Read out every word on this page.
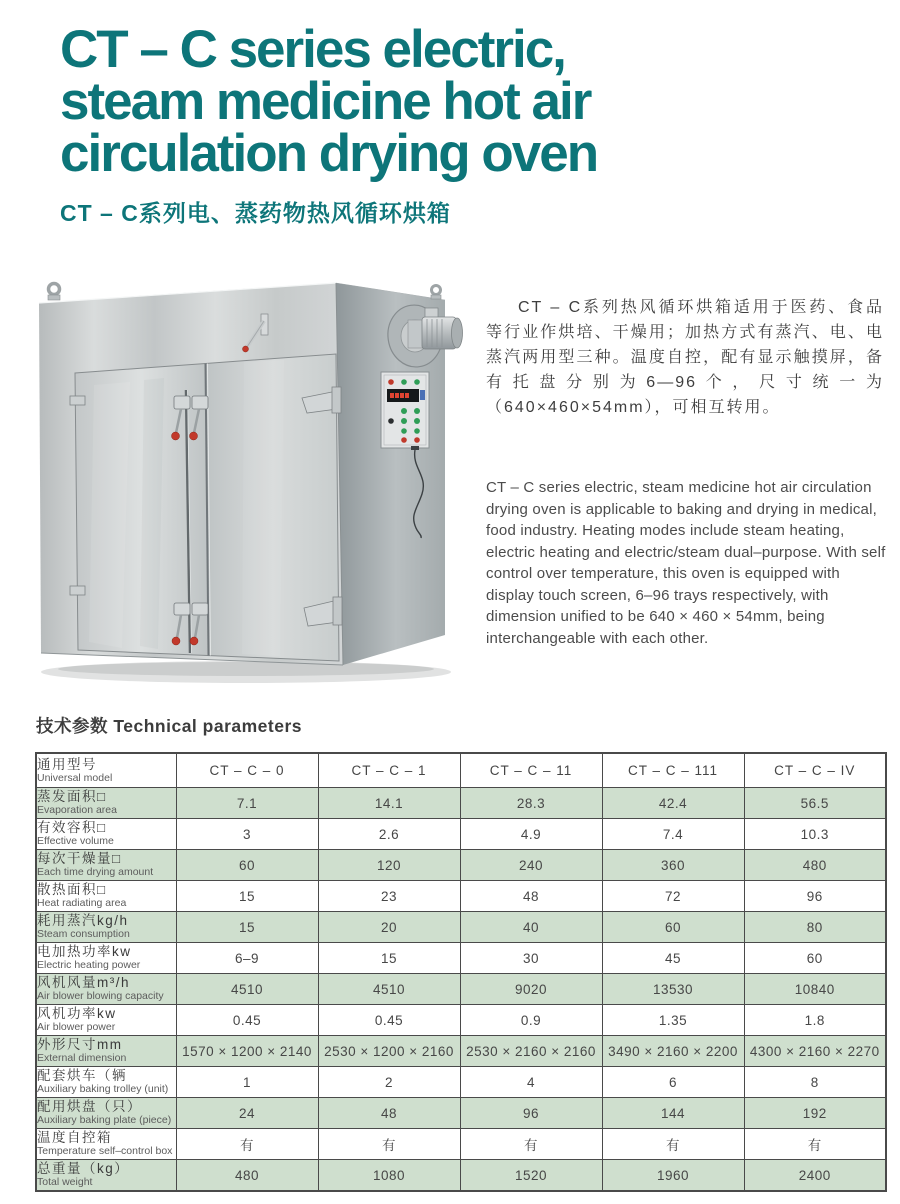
CT – C series electric,
steam medicine hot air
circulation drying oven
CT – C系列电、蒸药物热风循环烘箱

CT – C系列热风循环烘箱适用于医药、食品等行业作烘培、干燥用；加热方式有蒸汽、电、电蒸汽两用型三种。温度自控，配有显示触摸屏，备有托盘分别为6—96个，尺寸统一为（640×460×54mm），可相互转用。

CT – C series electric, steam medicine hot air circulation drying oven is applicable to baking and drying in medical, food industry. Heating modes include steam heating, electric heating and electric/steam dual–purpose. With self control over temperature, this oven is equipped with display touch screen, 6–96 trays respectively, with dimension unified to be 640 × 460 × 54mm, being interchangeable with each other.

技术参数 Technical parameters
通用型号
Universal model	CT – C – 0	CT – C – 1	CT – C – 11	CT – C – 111	CT – C – IV

蒸发面积□
Evaporation area	7.1	14.1	28.3	42.4	56.5

有效容积□
Effective volume	3	2.6	4.9	7.4	10.3

每次干燥量□
Each time drying amount	60	120	240	360	480

散热面积□
Heat radiating area	15	23	48	72	96

耗用蒸汽kg/h
Steam consumption	15	20	40	60	80

电加热功率kw
Electric heating power	6–9	15	30	45	60

风机风量m³/h
Air blower blowing capacity	4510	4510	9020	13530	10840

风机功率kw
Air blower power	0.45	0.45	0.9	1.35	1.8

外形尺寸mm
External dimension	1570 × 1200 × 2140	2530 × 1200 × 2160	2530 × 2160 × 2160	3490 × 2160 × 2200	4300 × 2160 × 2270

配套烘车（辆
Auxiliary baking trolley (unit)	1	2	4	6	8

配用烘盘（只）
Auxiliary baking plate (piece)	24	48	96	144	192

温度自控箱
Temperature self–control box	有	有	有	有	有

总重量（kg）
Total weight	480	1080	1520	1960	2400
